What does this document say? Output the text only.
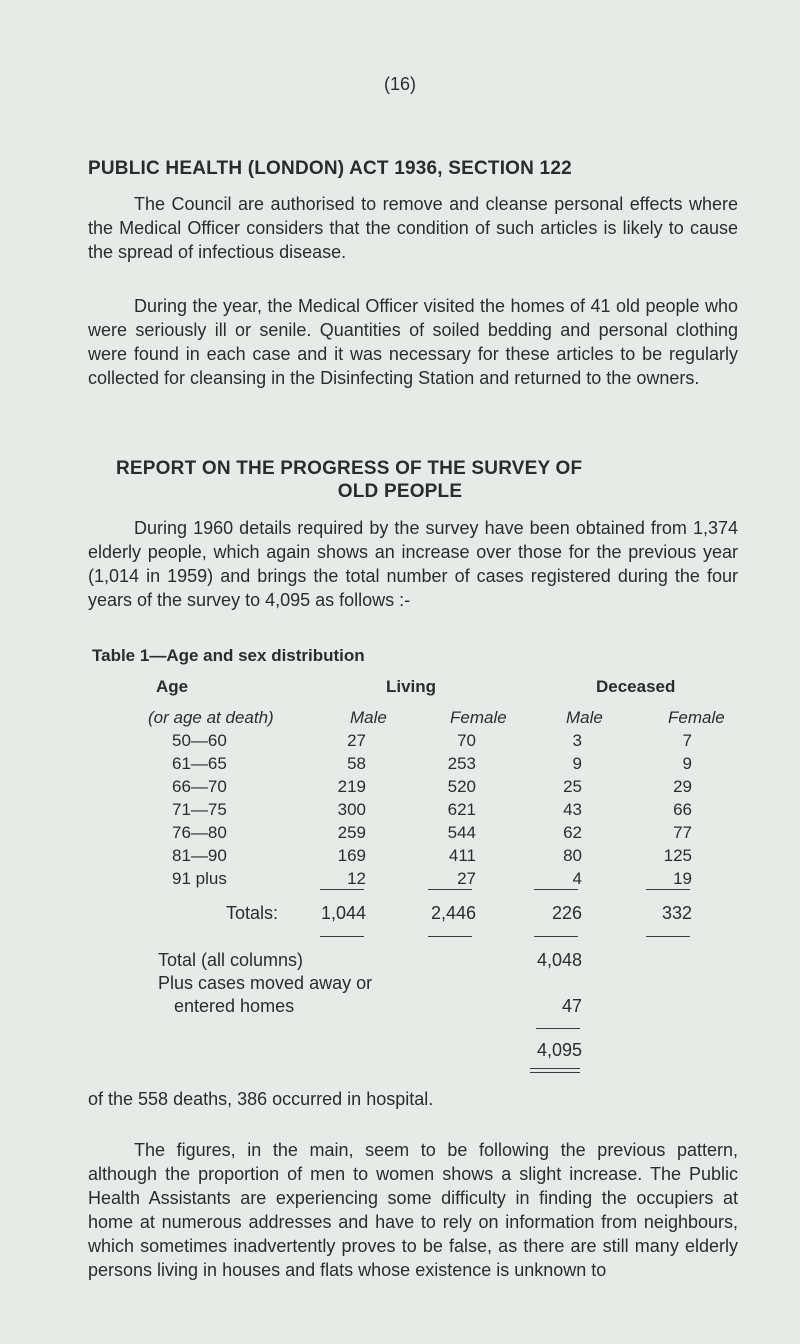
(16)
PUBLIC HEALTH (LONDON) ACT 1936, SECTION 122

The Council are authorised to remove and cleanse personal effects where the Medical Officer considers that the condition of such articles is likely to cause the spread of infectious disease.

During the year, the Medical Officer visited the homes of 41 old people who were seriously ill or senile. Quantities of soiled bedding and personal clothing were found in each case and it was necessary for these articles to be regularly collected for cleansing in the Disinfecting Station and returned to the owners.

REPORT ON THE PROGRESS OF THE SURVEY OF
OLD PEOPLE

During 1960 details required by the survey have been obtained from 1,374 elderly people, which again shows an increase over those for the previous year (1,014 in 1959) and brings the total number of cases registered during the four years of the survey to 4,095 as follows :-

Table 1—Age and sex distribution
Age	Living	Deceased
(or age at death)	Male	Female	Male	Female
50—60	27	70	3	7
61—65	58	253	9	9
66—70	219	520	25	29
71—75	300	621	43	66
76—80	259	544	62	77
81—90	169	411	80	125
91 plus	12	27	4	19
Totals:	1,044	2,446	226	332
Total (all columns)	4,048
Plus cases moved away or
entered homes	47
4,095
of the 558 deaths, 386 occurred in hospital.

The figures, in the main, seem to be following the previous pattern, although the proportion of men to women shows a slight increase. The Public Health Assistants are experiencing some difficulty in finding the occupiers at home at numerous addresses and have to rely on information from neighbours, which sometimes inadvertently proves to be false, as there are still many elderly persons living in houses and flats whose existence is unknown to
